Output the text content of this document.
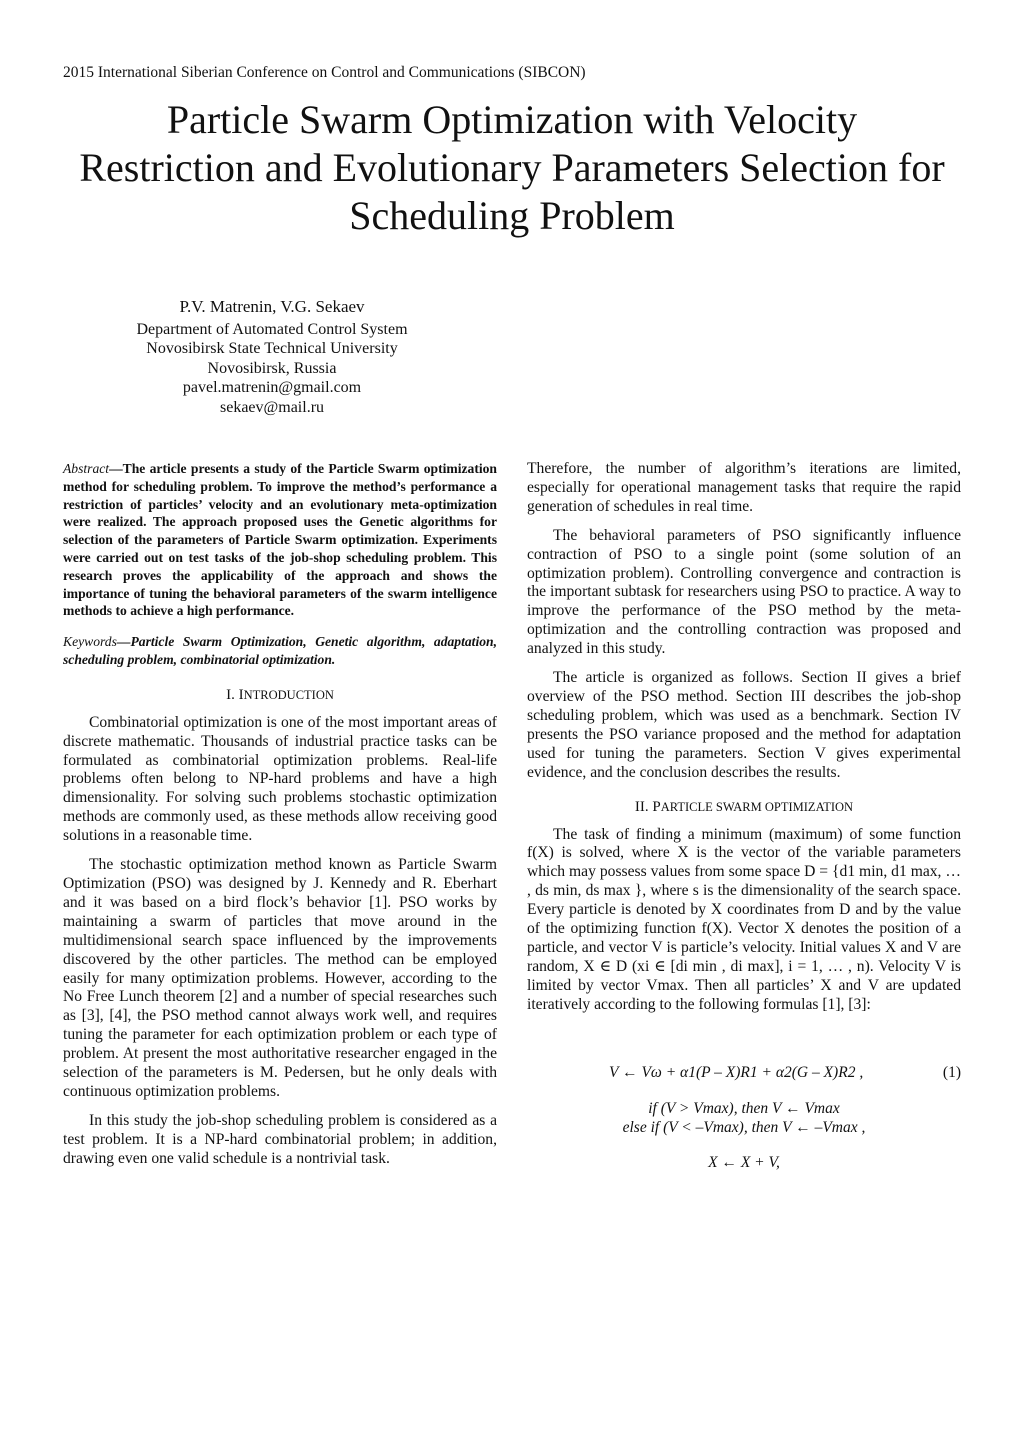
2015 International Siberian Conference on Control and Communications (SIBCON)
Particle Swarm Optimization with Velocity
Restriction and Evolutionary Parameters Selection for
Scheduling Problem
P.V. Matrenin, V.G. Sekaev
Department of Automated Control System
Novosibirsk State Technical University
Novosibirsk, Russia
pavel.matrenin@gmail.com
sekaev@mail.ru

Abstract—The article presents a study of the Particle Swarm optimization method for scheduling problem. To improve the method’s performance a restriction of particles’ velocity and an evolutionary meta-optimization were realized. The approach proposed uses the Genetic algorithms for selection of the parameters of Particle Swarm optimization. Experiments were carried out on test tasks of the job-shop scheduling problem. This research proves the applicability of the approach and shows the importance of tuning the behavioral parameters of the swarm intelligence methods to achieve a high performance.

Keywords—Particle Swarm Optimization, Genetic algorithm, adaptation, scheduling problem, combinatorial optimization.

I. INTRODUCTION

Combinatorial optimization is one of the most important areas of discrete mathematic. Thousands of industrial practice tasks can be formulated as combinatorial optimization problems. Real-life problems often belong to NP-hard problems and have a high dimensionality. For solving such problems stochastic optimization methods are commonly used, as these methods allow receiving good solutions in a reasonable time.

The stochastic optimization method known as Particle Swarm Optimization (PSO) was designed by J. Kennedy and R. Eberhart and it was based on a bird flock’s behavior [1]. PSO works by maintaining a swarm of particles that move around in the multidimensional search space influenced by the improvements discovered by the other particles. The method can be employed easily for many optimization problems. However, according to the No Free Lunch theorem [2] and a number of special researches such as [3], [4], the PSO method cannot always work well, and requires tuning the parameter for each optimization problem or each type of problem. At present the most authoritative researcher engaged in the selection of the parameters is M. Pedersen, but he only deals with continuous optimization problems.

In this study the job-shop scheduling problem is considered as a test problem. It is a NP-hard combinatorial problem; in addition, drawing even one valid schedule is a nontrivial task.

Therefore, the number of algorithm’s iterations are limited, especially for operational management tasks that require the rapid generation of schedules in real time.

The behavioral parameters of PSO significantly influence contraction of PSO to a single point (some solution of an optimization problem). Controlling convergence and contraction is the important subtask for researchers using PSO to practice. A way to improve the performance of the PSO method by the meta-optimization and the controlling contraction was proposed and analyzed in this study.

The article is organized as follows. Section II gives a brief overview of the PSO method. Section III describes the job-shop scheduling problem, which was used as a benchmark. Section IV presents the PSO variance proposed and the method for adaptation used for tuning the parameters. Section V gives experimental evidence, and the conclusion describes the results.

II. PARTICLE SWARM OPTIMIZATION

The task of finding a minimum (maximum) of some function f(X) is solved, where X is the vector of the variable parameters which may possess values from some space D = {d1 min, d1 max, … , ds min, ds max }, where s is the dimensionality of the search space. Every particle is denoted by X coordinates from D and by the value of the optimizing function f(X). Vector X denotes the position of a particle, and vector V is particle’s velocity. Initial values X and V are random, X ∈ D (xi ∈ [di min , di max], i = 1, … , n). Velocity V is limited by vector Vmax. Then all particles’ X and V are updated iteratively according to the following formulas [1], [3]:

V ← Vω + α1(P – X)R1 + α2(G – X)R2 ,	(1)
if (V > Vmax), then V ← Vmax
else if (V < –Vmax), then V ← –Vmax ,
X ← X + V,
